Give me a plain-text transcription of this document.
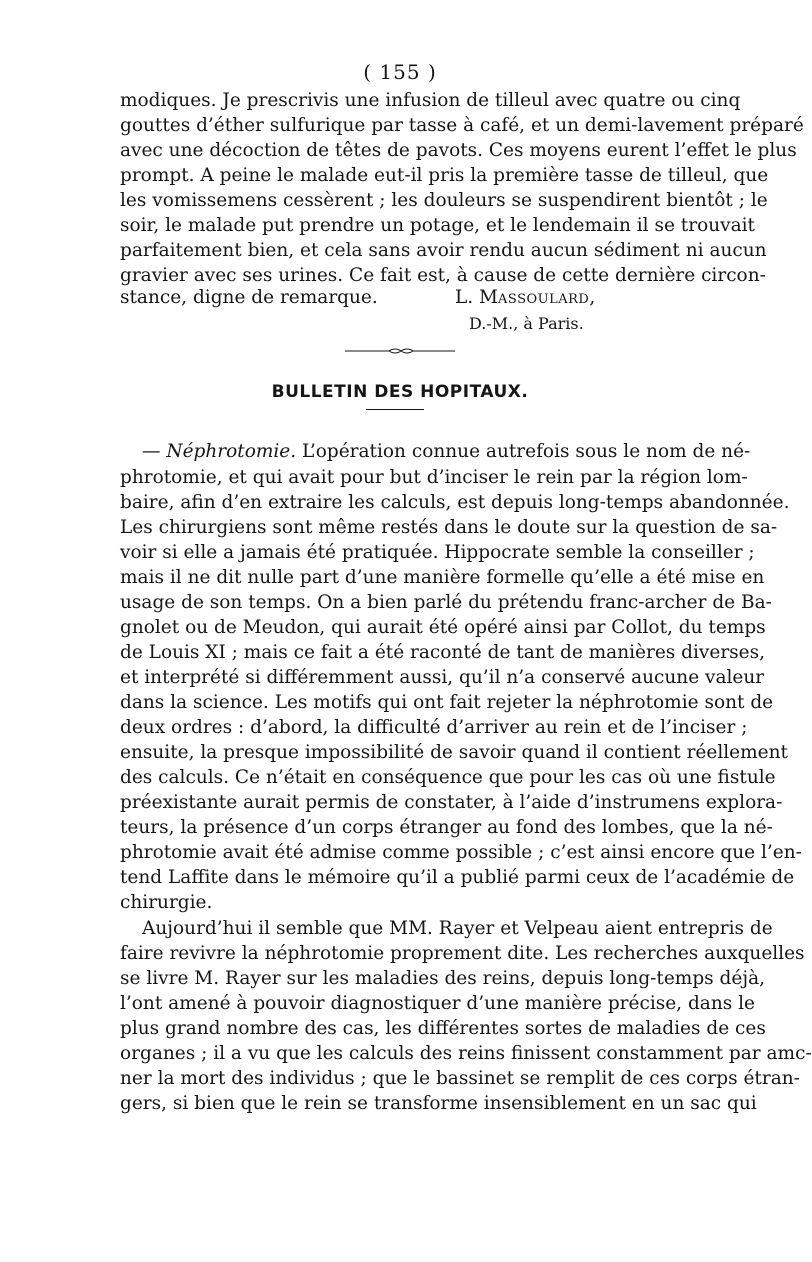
( 155 )
modiques. Je prescrivis une infusion de tilleul avec quatre ou cinq
gouttes d’éther sulfurique par tasse à café, et un demi-lavement préparé
avec une décoction de têtes de pavots. Ces moyens eurent l’effet le plus
prompt. A peine le malade eut-il pris la première tasse de tilleul, que
les vomissemens cessèrent ; les douleurs se suspendirent bientôt ; le
soir, le malade put prendre un potage, et le lendemain il se trouvait
parfaitement bien, et cela sans avoir rendu aucun sédiment ni aucun
gravier avec ses urines. Ce fait est, à cause de cette dernière circon-
stance, digne de remarque.	L. Massoulard,
D.-M., à Paris.
BULLETIN DES HOPITAUX.
— Néphrotomie. L’opération connue autrefois sous le nom de né-
phrotomie, et qui avait pour but d’inciser le rein par la région lom-
baire, afin d’en extraire les calculs, est depuis long-temps abandonnée.
Les chirurgiens sont même restés dans le doute sur la question de sa-
voir si elle a jamais été pratiquée. Hippocrate semble la conseiller ;
mais il ne dit nulle part d’une manière formelle qu’elle a été mise en
usage de son temps. On a bien parlé du prétendu franc-archer de Ba-
gnolet ou de Meudon, qui aurait été opéré ainsi par Collot, du temps
de Louis XI ; mais ce fait a été raconté de tant de manières diverses,
et interprété si différemment aussi, qu’il n’a conservé aucune valeur
dans la science. Les motifs qui ont fait rejeter la néphrotomie sont de
deux ordres : d’abord, la difficulté d’arriver au rein et de l’inciser ;
ensuite, la presque impossibilité de savoir quand il contient réellement
des calculs. Ce n’était en conséquence que pour les cas où une fistule
préexistante aurait permis de constater, à l’aide d’instrumens explora-
teurs, la présence d’un corps étranger au fond des lombes, que la né-
phrotomie avait été admise comme possible ; c’est ainsi encore que l’en-
tend Laffite dans le mémoire qu’il a publié parmi ceux de l’académie de
chirurgie.
Aujourd’hui il semble que MM. Rayer et Velpeau aient entrepris de
faire revivre la néphrotomie proprement dite. Les recherches auxquelles
se livre M. Rayer sur les maladies des reins, depuis long-temps déjà,
l’ont amené à pouvoir diagnostiquer d’une manière précise, dans le
plus grand nombre des cas, les différentes sortes de maladies de ces
organes ; il a vu que les calculs des reins finissent constamment par amc-
ner la mort des individus ; que le bassinet se remplit de ces corps étran-
gers, si bien que le rein se transforme insensiblement en un sac qui
